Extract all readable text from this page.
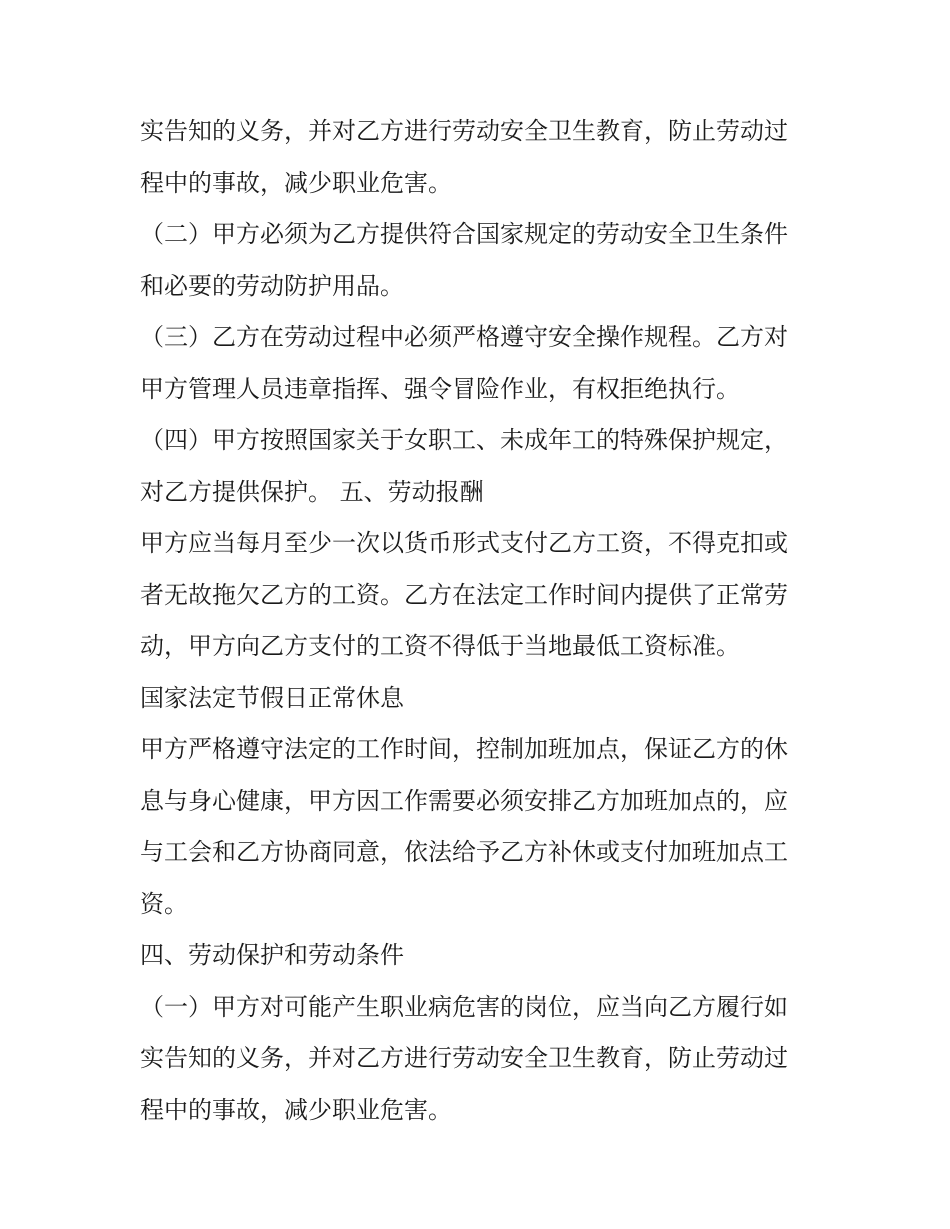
实告知的义务，并对乙方进行劳动安全卫生教育，防止劳动过
程中的事故，减少职业危害。
（二）甲方必须为乙方提供符合国家规定的劳动安全卫生条件
和必要的劳动防护用品。
（三）乙方在劳动过程中必须严格遵守安全操作规程。乙方对
甲方管理人员违章指挥、强令冒险作业，有权拒绝执行。
（四）甲方按照国家关于女职工、未成年工的特殊保护规定，
对乙方提供保护。 五、劳动报酬
甲方应当每月至少一次以货币形式支付乙方工资，不得克扣或
者无故拖欠乙方的工资。乙方在法定工作时间内提供了正常劳
动，甲方向乙方支付的工资不得低于当地最低工资标准。
国家法定节假日正常休息
甲方严格遵守法定的工作时间，控制加班加点，保证乙方的休
息与身心健康，甲方因工作需要必须安排乙方加班加点的，应
与工会和乙方协商同意，依法给予乙方补休或支付加班加点工
资。
四、劳动保护和劳动条件
（一）甲方对可能产生职业病危害的岗位，应当向乙方履行如
实告知的义务，并对乙方进行劳动安全卫生教育，防止劳动过
程中的事故，减少职业危害。
